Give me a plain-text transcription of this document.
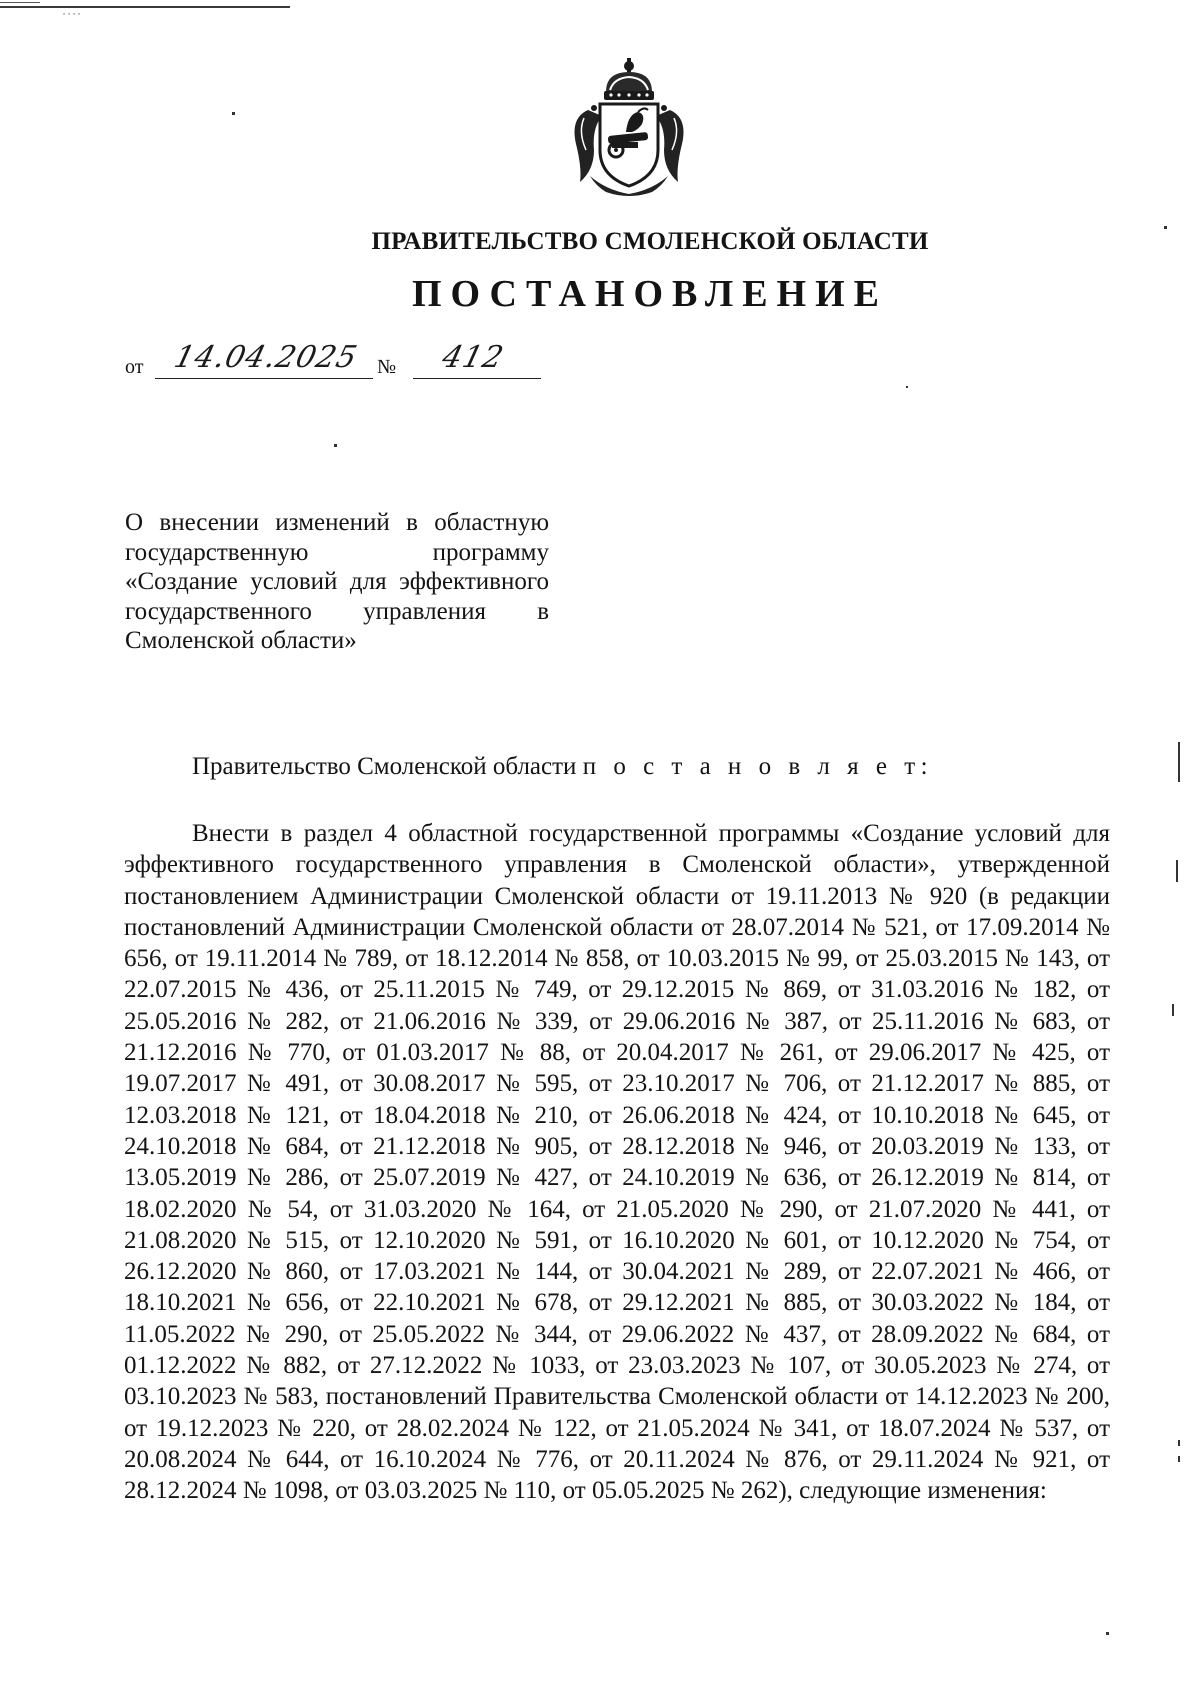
˙˙˙˙
ПРАВИТЕЛЬСТВО СМОЛЕНСКОЙ ОБЛАСТИ
ПОСТАНОВЛЕНИЕ
от 14.04.2025 № 412
О внесении изменений в областную государственную программу «Создание условий для эффективного государственного управления в Смоленской области»
Правительство Смоленской области п о с т а н о в л я е т:

Внести в раздел 4 областной государственной программы «Создание условий для эффективного государственного управления в Смоленской области», утвержденной постановлением Администрации Смоленской области от 19.11.2013 № 920 (в редакции постановлений Администрации Смоленской области от 28.07.2014 № 521, от 17.09.2014 № 656, от 19.11.2014 № 789, от 18.12.2014 № 858, от 10.03.2015 № 99, от 25.03.2015 № 143, от 22.07.2015 № 436, от 25.11.2015 № 749, от 29.12.2015 № 869, от 31.03.2016 № 182, от 25.05.2016 № 282, от 21.06.2016 № 339, от 29.06.2016 № 387, от 25.11.2016 № 683, от 21.12.2016 № 770, от 01.03.2017 № 88, от 20.04.2017 № 261, от 29.06.2017 № 425, от 19.07.2017 № 491, от 30.08.2017 № 595, от 23.10.2017 № 706, от 21.12.2017 № 885, от 12.03.2018 № 121, от 18.04.2018 № 210, от 26.06.2018 № 424, от 10.10.2018 № 645, от 24.10.2018 № 684, от 21.12.2018 № 905, от 28.12.2018 № 946, от 20.03.2019 № 133, от 13.05.2019 № 286, от 25.07.2019 № 427, от 24.10.2019 № 636, от 26.12.2019 № 814, от 18.02.2020 № 54, от 31.03.2020 № 164, от 21.05.2020 № 290, от 21.07.2020 № 441, от 21.08.2020 № 515, от 12.10.2020 № 591, от 16.10.2020 № 601, от 10.12.2020 № 754, от 26.12.2020 № 860, от 17.03.2021 № 144, от 30.04.2021 № 289, от 22.07.2021 № 466, от 18.10.2021 № 656, от 22.10.2021 № 678, от 29.12.2021 № 885, от 30.03.2022 № 184, от 11.05.2022 № 290, от 25.05.2022 № 344, от 29.06.2022 № 437, от 28.09.2022 № 684, от 01.12.2022 № 882, от 27.12.2022 № 1033, от 23.03.2023 № 107, от 30.05.2023 № 274, от 03.10.2023 № 583, постановлений Правительства Смоленской области от 14.12.2023 № 200, от 19.12.2023 № 220, от 28.02.2024 № 122, от 21.05.2024 № 341, от 18.07.2024 № 537, от 20.08.2024 № 644, от 16.10.2024 № 776, от 20.11.2024 № 876, от 29.11.2024 № 921, от 28.12.2024 № 1098, от 03.03.2025 № 110, от 05.05.2025 № 262), следующие изменения:
